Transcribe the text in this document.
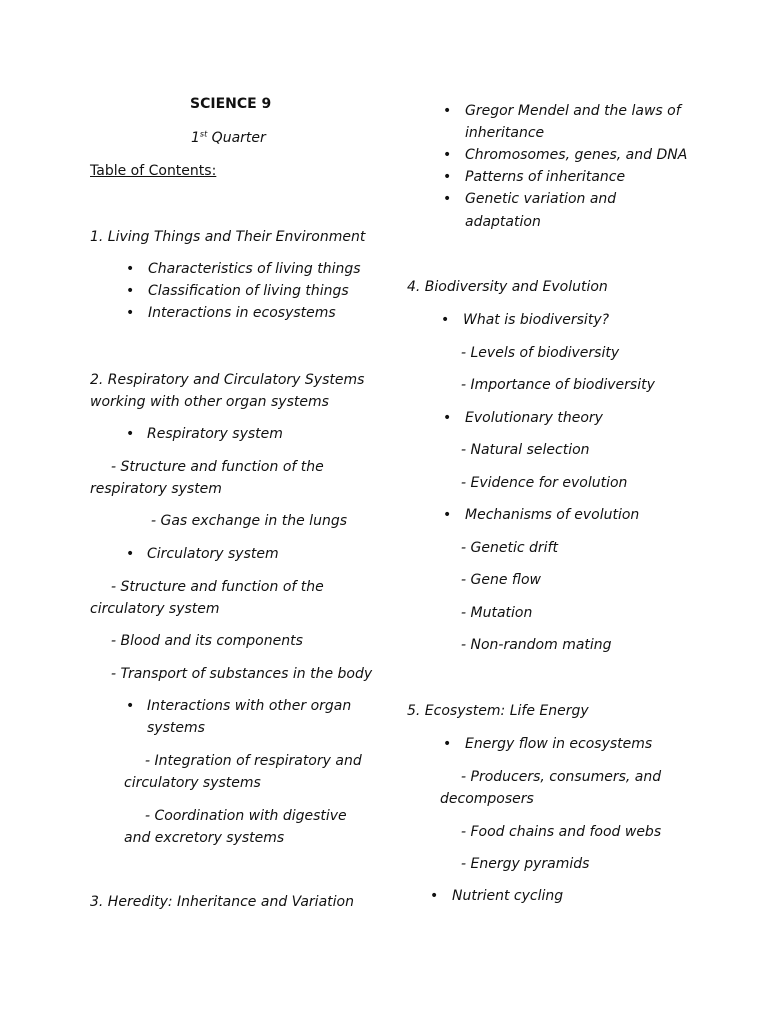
SCIENCE 9
1st Quarter
Table of Contents:
1. Living Things and Their Environment
• Characteristics of living things
• Classification of living things
• Interactions in ecosystems
2. Respiratory and Circulatory Systems
working with other organ systems
• Respiratory system
- Structure and function of the
respiratory system
- Gas exchange in the lungs
• Circulatory system
- Structure and function of the
circulatory system
- Blood and its components
- Transport of substances in the body
• Interactions with other organ
systems
- Integration of respiratory and
circulatory systems
- Coordination with digestive
and excretory systems
3. Heredity: Inheritance and Variation
• Gregor Mendel and the laws of
inheritance
• Chromosomes, genes, and DNA
• Patterns of inheritance
• Genetic variation and
adaptation
4. Biodiversity and Evolution
• What is biodiversity?
- Levels of biodiversity
- Importance of biodiversity
• Evolutionary theory
- Natural selection
- Evidence for evolution
• Mechanisms of evolution
- Genetic drift
- Gene flow
- Mutation
- Non-random mating
5. Ecosystem: Life Energy
• Energy flow in ecosystems
- Producers, consumers, and
decomposers
- Food chains and food webs
- Energy pyramids
• Nutrient cycling
